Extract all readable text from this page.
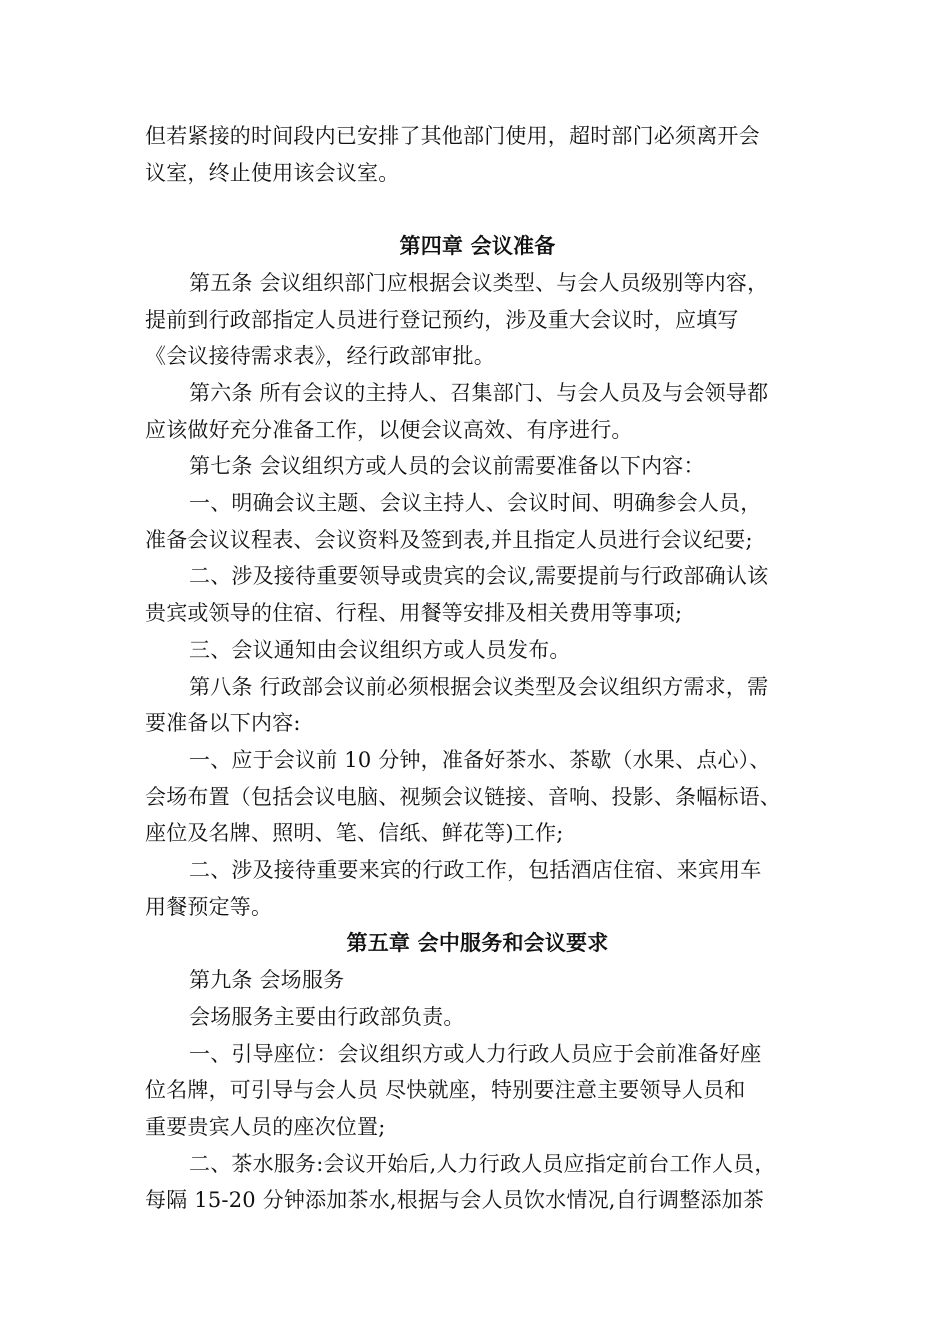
但若紧接的时间段内已安排了其他部门使用，超时部门必须离开会
议室，终止使用该会议室。
第四章 会议准备
第五条 会议组织部门应根据会议类型、与会人员级别等内容，
提前到行政部指定人员进行登记预约，涉及重大会议时，应填写
《会议接待需求表》，经行政部审批。
第六条 所有会议的主持人、召集部门、与会人员及与会领导都
应该做好充分准备工作，以便会议高效、有序进行。
第七条 会议组织方或人员的会议前需要准备以下内容：
一、明确会议主题、会议主持人、会议时间、明确参会人员，
准备会议议程表、会议资料及签到表,并且指定人员进行会议纪要;
二、涉及接待重要领导或贵宾的会议,需要提前与行政部确认该
贵宾或领导的住宿、行程、用餐等安排及相关费用等事项;
三、会议通知由会议组织方或人员发布。
第八条 行政部会议前必须根据会议类型及会议组织方需求，需
要准备以下内容:
一、应于会议前 10 分钟，准备好茶水、茶歇（水果、点心）、
会场布置（包括会议电脑、视频会议链接、音响、投影、条幅标语、
座位及名牌、照明、笔、信纸、鲜花等)工作;
二、涉及接待重要来宾的行政工作，包括酒店住宿、来宾用车
用餐预定等。
第五章 会中服务和会议要求
第九条 会场服务
会场服务主要由行政部负责。
一、引导座位：会议组织方或人力行政人员应于会前准备好座
位名牌，可引导与会人员 尽快就座，特别要注意主要领导人员和
重要贵宾人员的座次位置;
二、茶水服务:会议开始后,人力行政人员应指定前台工作人员，
每隔 15-20 分钟添加茶水,根据与会人员饮水情况,自行调整添加茶
